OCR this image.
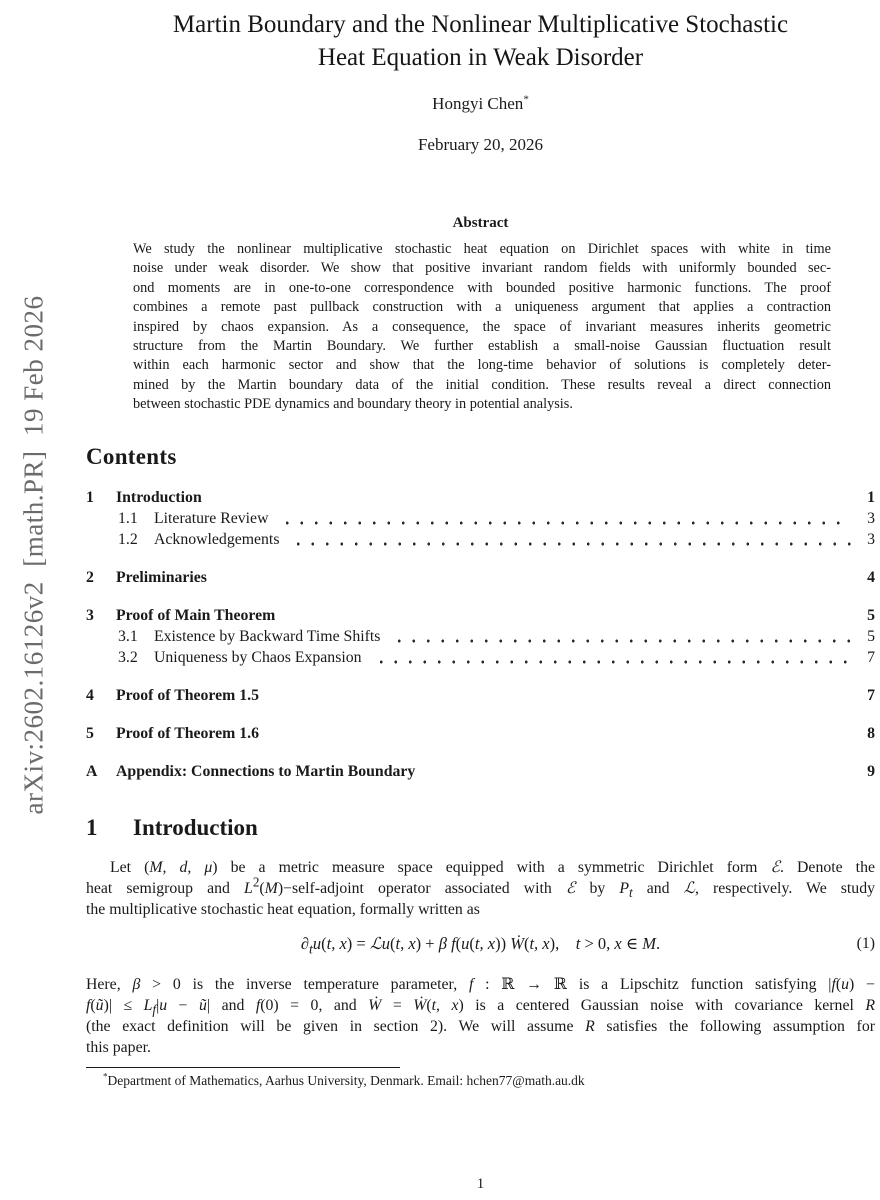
arXiv:2602.16126v2  [math.PR]  19 Feb 2026
Martin Boundary and the Nonlinear Multiplicative Stochastic
Heat Equation in Weak Disorder
Hongyi Chen*
February 20, 2026
Abstract
We study the nonlinear multiplicative stochastic heat equation on Dirichlet spaces with white in time
noise under weak disorder. We show that positive invariant random fields with uniformly bounded sec-
ond moments are in one-to-one correspondence with bounded positive harmonic functions. The proof
combines a remote past pullback construction with a uniqueness argument that applies a contraction
inspired by chaos expansion. As a consequence, the space of invariant measures inherits geometric
structure from the Martin Boundary. We further establish a small-noise Gaussian fluctuation result
within each harmonic sector and show that the long-time behavior of solutions is completely deter-
mined by the Martin boundary data of the initial condition. These results reveal a direct connection
between stochastic PDE dynamics and boundary theory in potential analysis.
Contents
1	Introduction	1
1.1	Literature Review	3
1.2	Acknowledgements	3
2	Preliminaries	4
3	Proof of Main Theorem	5
3.1	Existence by Backward Time Shifts	5
3.2	Uniqueness by Chaos Expansion	7
4	Proof of Theorem 1.5	7
5	Proof of Theorem 1.6	8
A	Appendix: Connections to Martin Boundary	9
1	Introduction
Let (M, d, μ) be a metric measure space equipped with a symmetric Dirichlet form ℰ. Denote the
heat semigroup and $L^2(M)-self$-adjoint operator associated with ℰ by $P_t$ and ℒ, respectively. We study
the multiplicative stochastic heat equation, formally written as
$\partial_tu(t$, x) = ℒu(t, x) + β f(u(t, x)) Ẇ(t, x),    t > 0, x ∈ M.	(1)
Here, β > 0 is the inverse temperature parameter, f : ℝ → ℝ is a Lipschitz function satisfying |f(u) −
f(ũ)| ≤ $L_f|u$ − ũ| and f(0) = 0, and Ẇ = Ẇ(t, x) is a centered Gaussian noise with covariance kernel R
(the exact definition will be given in section 2). We will assume R satisfies the following assumption for
this paper.
*Department of Mathematics, Aarhus University, Denmark. Email: hchen77@math.au.dk
1
